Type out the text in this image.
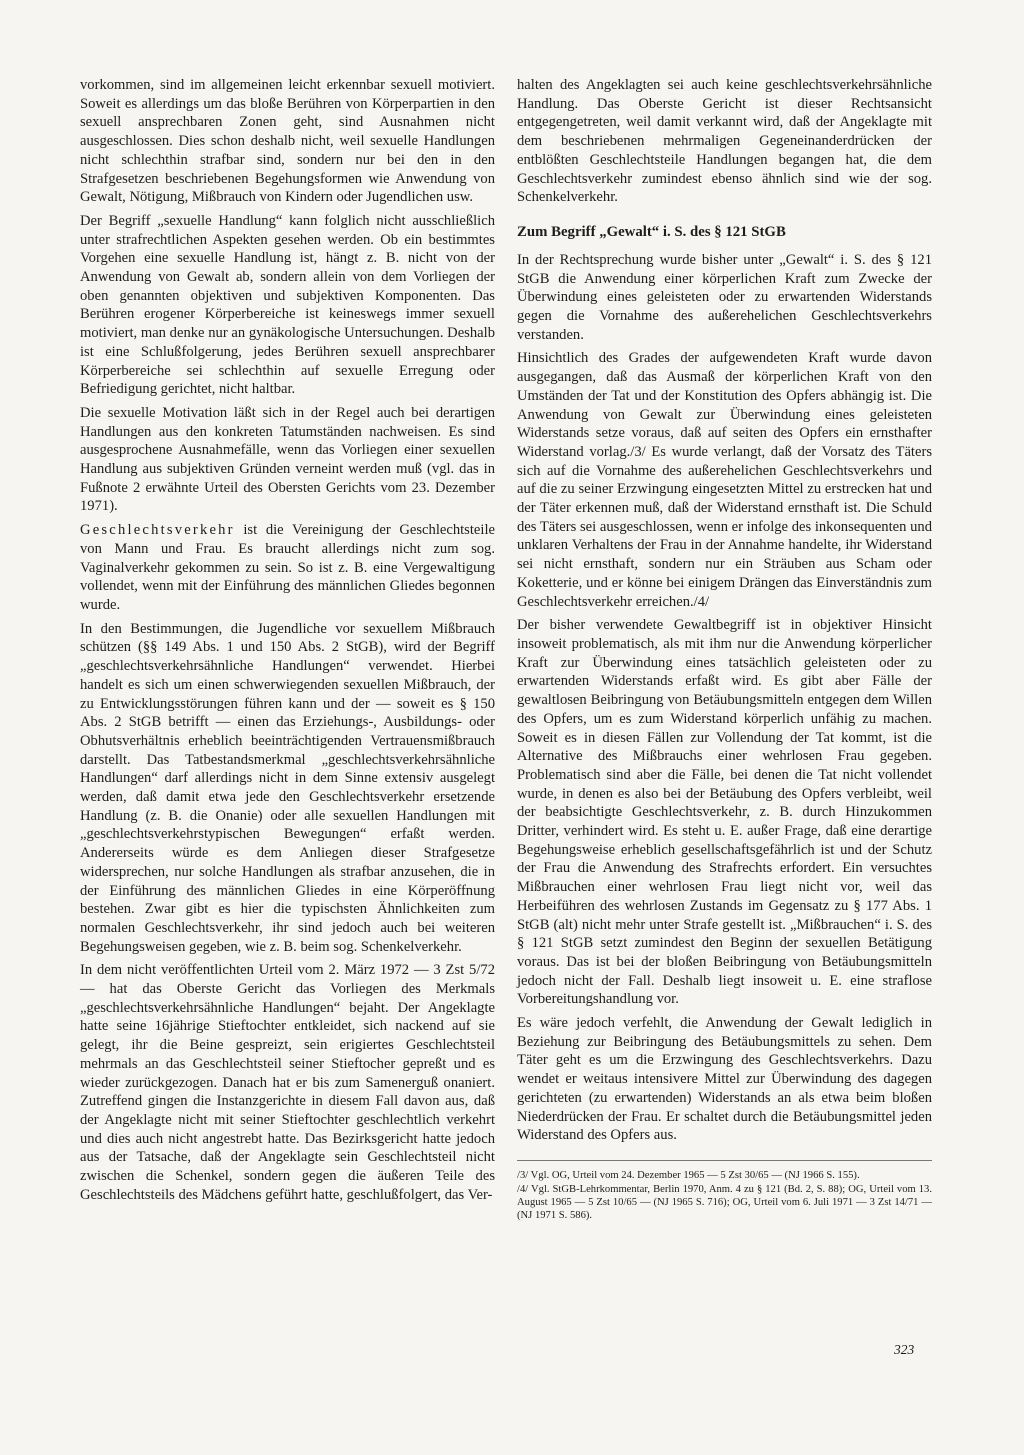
vorkommen, sind im allgemeinen leicht erkennbar sexuell motiviert. Soweit es allerdings um das bloße Berühren von Körperpartien in den sexuell ansprechbaren Zonen geht, sind Ausnahmen nicht ausgeschlossen. Dies schon deshalb nicht, weil sexuelle Handlungen nicht schlechthin strafbar sind, sondern nur bei den in den Strafgesetzen beschriebenen Begehungsformen wie Anwendung von Gewalt, Nötigung, Mißbrauch von Kindern oder Jugendlichen usw.

Der Begriff „sexuelle Handlung“ kann folglich nicht ausschließlich unter strafrechtlichen Aspekten gesehen werden. Ob ein bestimmtes Vorgehen eine sexuelle Handlung ist, hängt z. B. nicht von der Anwendung von Gewalt ab, sondern allein von dem Vorliegen der oben genannten objektiven und subjektiven Komponenten. Das Berühren erogener Körperbereiche ist keineswegs immer sexuell motiviert, man denke nur an gynäkologische Untersuchungen. Deshalb ist eine Schlußfolgerung, jedes Berühren sexuell ansprechbarer Körperbereiche sei schlechthin auf sexuelle Erregung oder Befriedigung gerichtet, nicht haltbar.

Die sexuelle Motivation läßt sich in der Regel auch bei derartigen Handlungen aus den konkreten Tatumständen nachweisen. Es sind ausgesprochene Ausnahmefälle, wenn das Vorliegen einer sexuellen Handlung aus subjektiven Gründen verneint werden muß (vgl. das in Fußnote 2 erwähnte Urteil des Obersten Gerichts vom 23. Dezember 1971).

Geschlechtsverkehr ist die Vereinigung der Geschlechtsteile von Mann und Frau. Es braucht allerdings nicht zum sog. Vaginalverkehr gekommen zu sein. So ist z. B. eine Vergewaltigung vollendet, wenn mit der Einführung des männlichen Gliedes begonnen wurde.

In den Bestimmungen, die Jugendliche vor sexuellem Mißbrauch schützen (§§ 149 Abs. 1 und 150 Abs. 2 StGB), wird der Begriff „geschlechtsverkehrsähnliche Handlungen“ verwendet. Hierbei handelt es sich um einen schwerwiegenden sexuellen Mißbrauch, der zu Entwicklungsstörungen führen kann und der — soweit es § 150 Abs. 2 StGB betrifft — einen das Erziehungs-, Ausbildungs- oder Obhutsverhältnis erheblich beeinträchtigenden Vertrauensmißbrauch darstellt. Das Tatbestandsmerkmal „geschlechtsverkehrsähnliche Handlungen“ darf allerdings nicht in dem Sinne extensiv ausgelegt werden, daß damit etwa jede den Geschlechtsverkehr ersetzende Handlung (z. B. die Onanie) oder alle sexuellen Handlungen mit „geschlechtsverkehrstypischen Bewegungen“ erfaßt werden. Andererseits würde es dem Anliegen dieser Strafgesetze widersprechen, nur solche Handlungen als strafbar anzusehen, die in der Einführung des männlichen Gliedes in eine Körperöffnung bestehen. Zwar gibt es hier die typischsten Ähnlichkeiten zum normalen Geschlechtsverkehr, ihr sind jedoch auch bei weiteren Begehungsweisen gegeben, wie z. B. beim sog. Schenkelverkehr.

In dem nicht veröffentlichten Urteil vom 2. März 1972 — 3 Zst 5/72 — hat das Oberste Gericht das Vorliegen des Merkmals „geschlechtsverkehrsähnliche Handlungen“ bejaht. Der Angeklagte hatte seine 16jährige Stieftochter entkleidet, sich nackend auf sie gelegt, ihr die Beine gespreizt, sein erigiertes Geschlechtsteil mehrmals an das Geschlechtsteil seiner Stieftocher gepreßt und es wieder zurückgezogen. Danach hat er bis zum Samenerguß onaniert. Zutreffend gingen die Instanzgerichte in diesem Fall davon aus, daß der Angeklagte nicht mit seiner Stieftochter geschlechtlich verkehrt und dies auch nicht angestrebt hatte. Das Bezirksgericht hatte jedoch aus der Tatsache, daß der Angeklagte sein Geschlechtsteil nicht zwischen die Schenkel, sondern gegen die äußeren Teile des Geschlechtsteils des Mädchens geführt hatte, geschlußfolgert, das Ver-

halten des Angeklagten sei auch keine geschlechtsverkehrsähnliche Handlung. Das Oberste Gericht ist dieser Rechtsansicht entgegengetreten, weil damit verkannt wird, daß der Angeklagte mit dem beschriebenen mehrmaligen Gegeneinanderdrücken der entblößten Geschlechtsteile Handlungen begangen hat, die dem Geschlechtsverkehr zumindest ebenso ähnlich sind wie der sog. Schenkelverkehr.

Zum Begriff „Gewalt“ i. S. des § 121 StGB

In der Rechtsprechung wurde bisher unter „Gewalt“ i. S. des § 121 StGB die Anwendung einer körperlichen Kraft zum Zwecke der Überwindung eines geleisteten oder zu erwartenden Widerstands gegen die Vornahme des außerehelichen Geschlechtsverkehrs verstanden.

Hinsichtlich des Grades der aufgewendeten Kraft wurde davon ausgegangen, daß das Ausmaß der körperlichen Kraft von den Umständen der Tat und der Konstitution des Opfers abhängig ist. Die Anwendung von Gewalt zur Überwindung eines geleisteten Widerstands setze voraus, daß auf seiten des Opfers ein ernsthafter Widerstand vorlag./3/ Es wurde verlangt, daß der Vorsatz des Täters sich auf die Vornahme des außerehelichen Geschlechtsverkehrs und auf die zu seiner Erzwingung eingesetzten Mittel zu erstrecken hat und der Täter erkennen muß, daß der Widerstand ernsthaft ist. Die Schuld des Täters sei ausgeschlossen, wenn er infolge des inkonsequenten und unklaren Verhaltens der Frau in der Annahme handelte, ihr Widerstand sei nicht ernsthaft, sondern nur ein Sträuben aus Scham oder Koketterie, und er könne bei einigem Drängen das Einverständnis zum Geschlechtsverkehr erreichen./4/

Der bisher verwendete Gewaltbegriff ist in objektiver Hinsicht insoweit problematisch, als mit ihm nur die Anwendung körperlicher Kraft zur Überwindung eines tatsächlich geleisteten oder zu erwartenden Widerstands erfaßt wird. Es gibt aber Fälle der gewaltlosen Beibringung von Betäubungsmitteln entgegen dem Willen des Opfers, um es zum Widerstand körperlich unfähig zu machen. Soweit es in diesen Fällen zur Vollendung der Tat kommt, ist die Alternative des Mißbrauchs einer wehrlosen Frau gegeben. Problematisch sind aber die Fälle, bei denen die Tat nicht vollendet wurde, in denen es also bei der Betäubung des Opfers verbleibt, weil der beabsichtigte Geschlechtsverkehr, z. B. durch Hinzukommen Dritter, verhindert wird. Es steht u. E. außer Frage, daß eine derartige Begehungsweise erheblich gesellschaftsgefährlich ist und der Schutz der Frau die Anwendung des Strafrechts erfordert. Ein versuchtes Mißbrauchen einer wehrlosen Frau liegt nicht vor, weil das Herbeiführen des wehrlosen Zustands im Gegensatz zu § 177 Abs. 1 StGB (alt) nicht mehr unter Strafe gestellt ist. „Mißbrauchen“ i. S. des § 121 StGB setzt zumindest den Beginn der sexuellen Betätigung voraus. Das ist bei der bloßen Beibringung von Betäubungsmitteln jedoch nicht der Fall. Deshalb liegt insoweit u. E. eine straflose Vorbereitungshandlung vor.

Es wäre jedoch verfehlt, die Anwendung der Gewalt lediglich in Beziehung zur Beibringung des Betäubungsmittels zu sehen. Dem Täter geht es um die Erzwingung des Geschlechtsverkehrs. Dazu wendet er weitaus intensivere Mittel zur Überwindung des dagegen gerichteten (zu erwartenden) Widerstands an als etwa beim bloßen Niederdrücken der Frau. Er schaltet durch die Betäubungsmittel jeden Widerstand des Opfers aus.

/3/ Vgl. OG, Urteil vom 24. Dezember 1965 — 5 Zst 30/65 — (NJ 1966 S. 155).

/4/ Vgl. StGB-Lehrkommentar, Berlin 1970, Anm. 4 zu § 121 (Bd. 2, S. 88); OG, Urteil vom 13. August 1965 — 5 Zst 10/65 — (NJ 1965 S. 716); OG, Urteil vom 6. Juli 1971 — 3 Zst 14/71 — (NJ 1971 S. 586).

323
